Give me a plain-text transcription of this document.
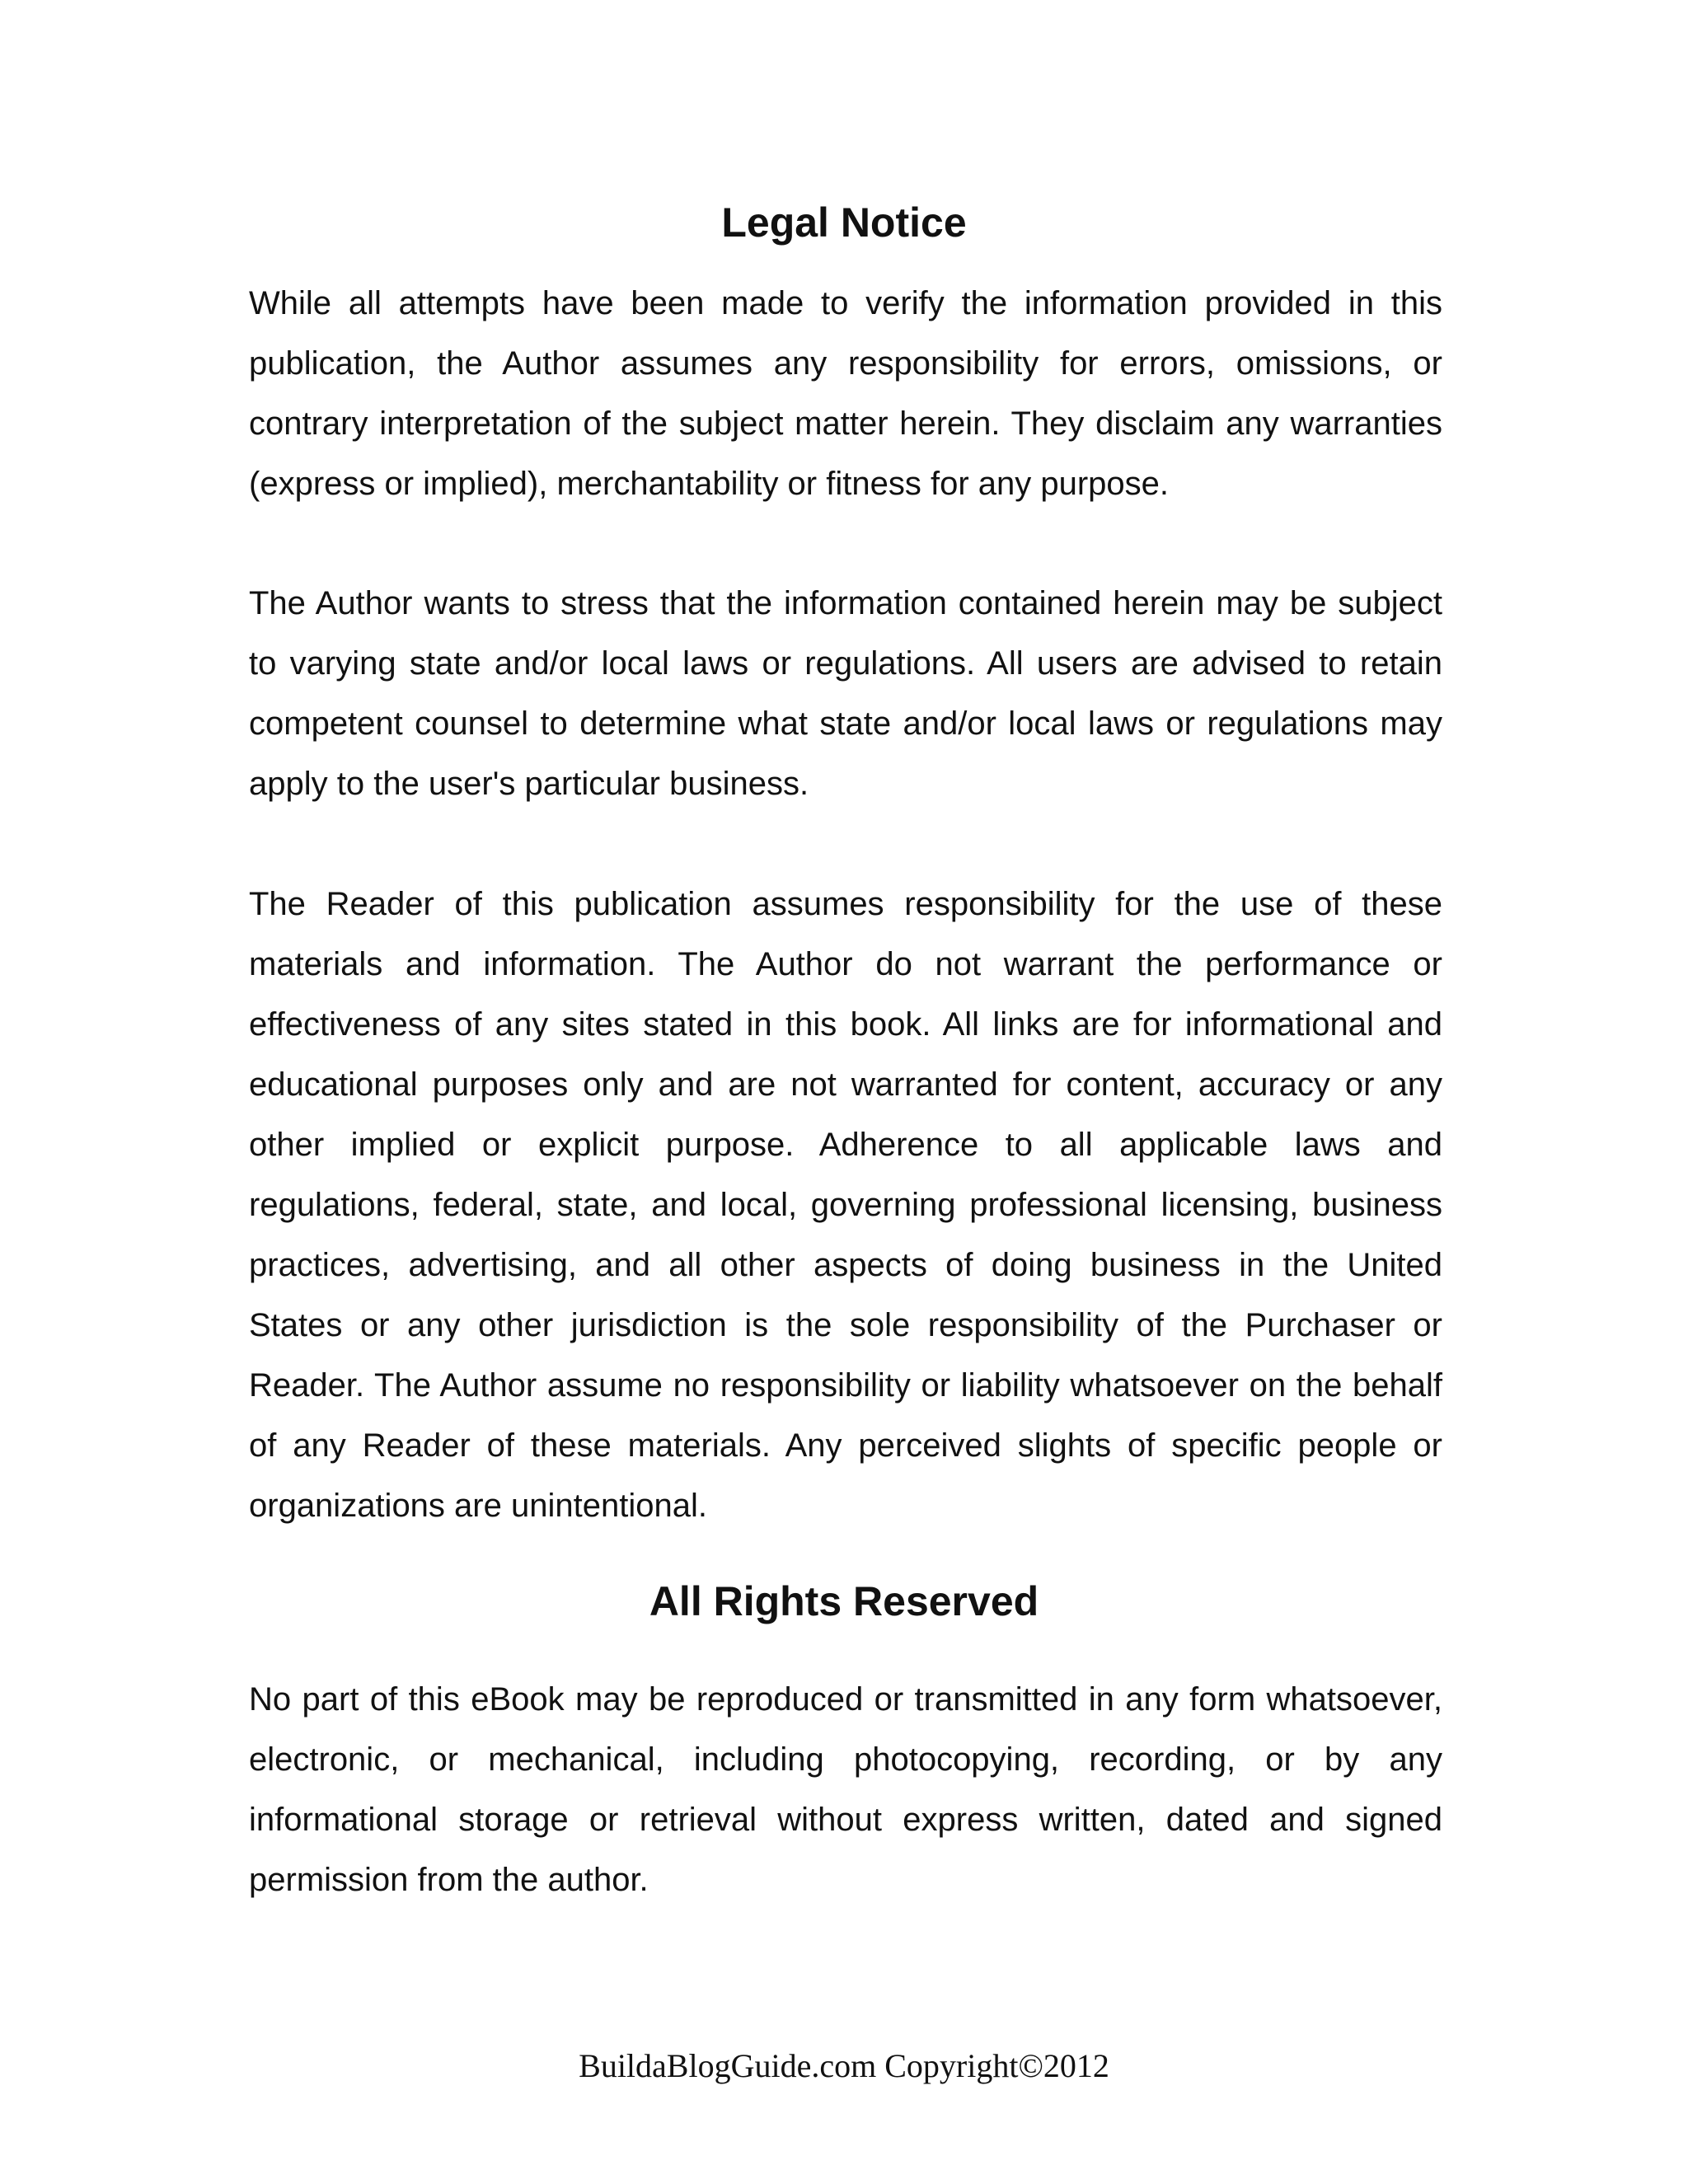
Legal Notice

While all attempts have been made to verify the information provided in this publication, the Author assumes any responsibility for errors, omissions, or contrary interpretation of the subject matter herein. They disclaim any warranties (express or implied), merchantability or fitness for any purpose.

The Author wants to stress that the information contained herein may be subject to varying state and/or local laws or regulations. All users are advised to retain competent counsel to determine what state and/or local laws or regulations may apply to the user's particular business.

The Reader of this publication assumes responsibility for the use of these materials and information. The Author do not warrant the performance or effectiveness of any sites stated in this book. All links are for informational and educational purposes only and are not warranted for content, accuracy or any other implied or explicit purpose. Adherence to all applicable laws and regulations, federal, state, and local, governing professional licensing, business practices, advertising, and all other aspects of doing business in the United States or any other jurisdiction is the sole responsibility of the Purchaser or Reader. The Author assume no responsibility or liability whatsoever on the behalf of any Reader of these materials. Any perceived slights of specific people or organizations are unintentional.

All Rights Reserved

No part of this eBook may be reproduced or transmitted in any form whatsoever, electronic, or mechanical, including photocopying, recording, or by any informational storage or retrieval without express written, dated and signed permission from the author.

BuildaBlogGuide.com Copyright©2012
